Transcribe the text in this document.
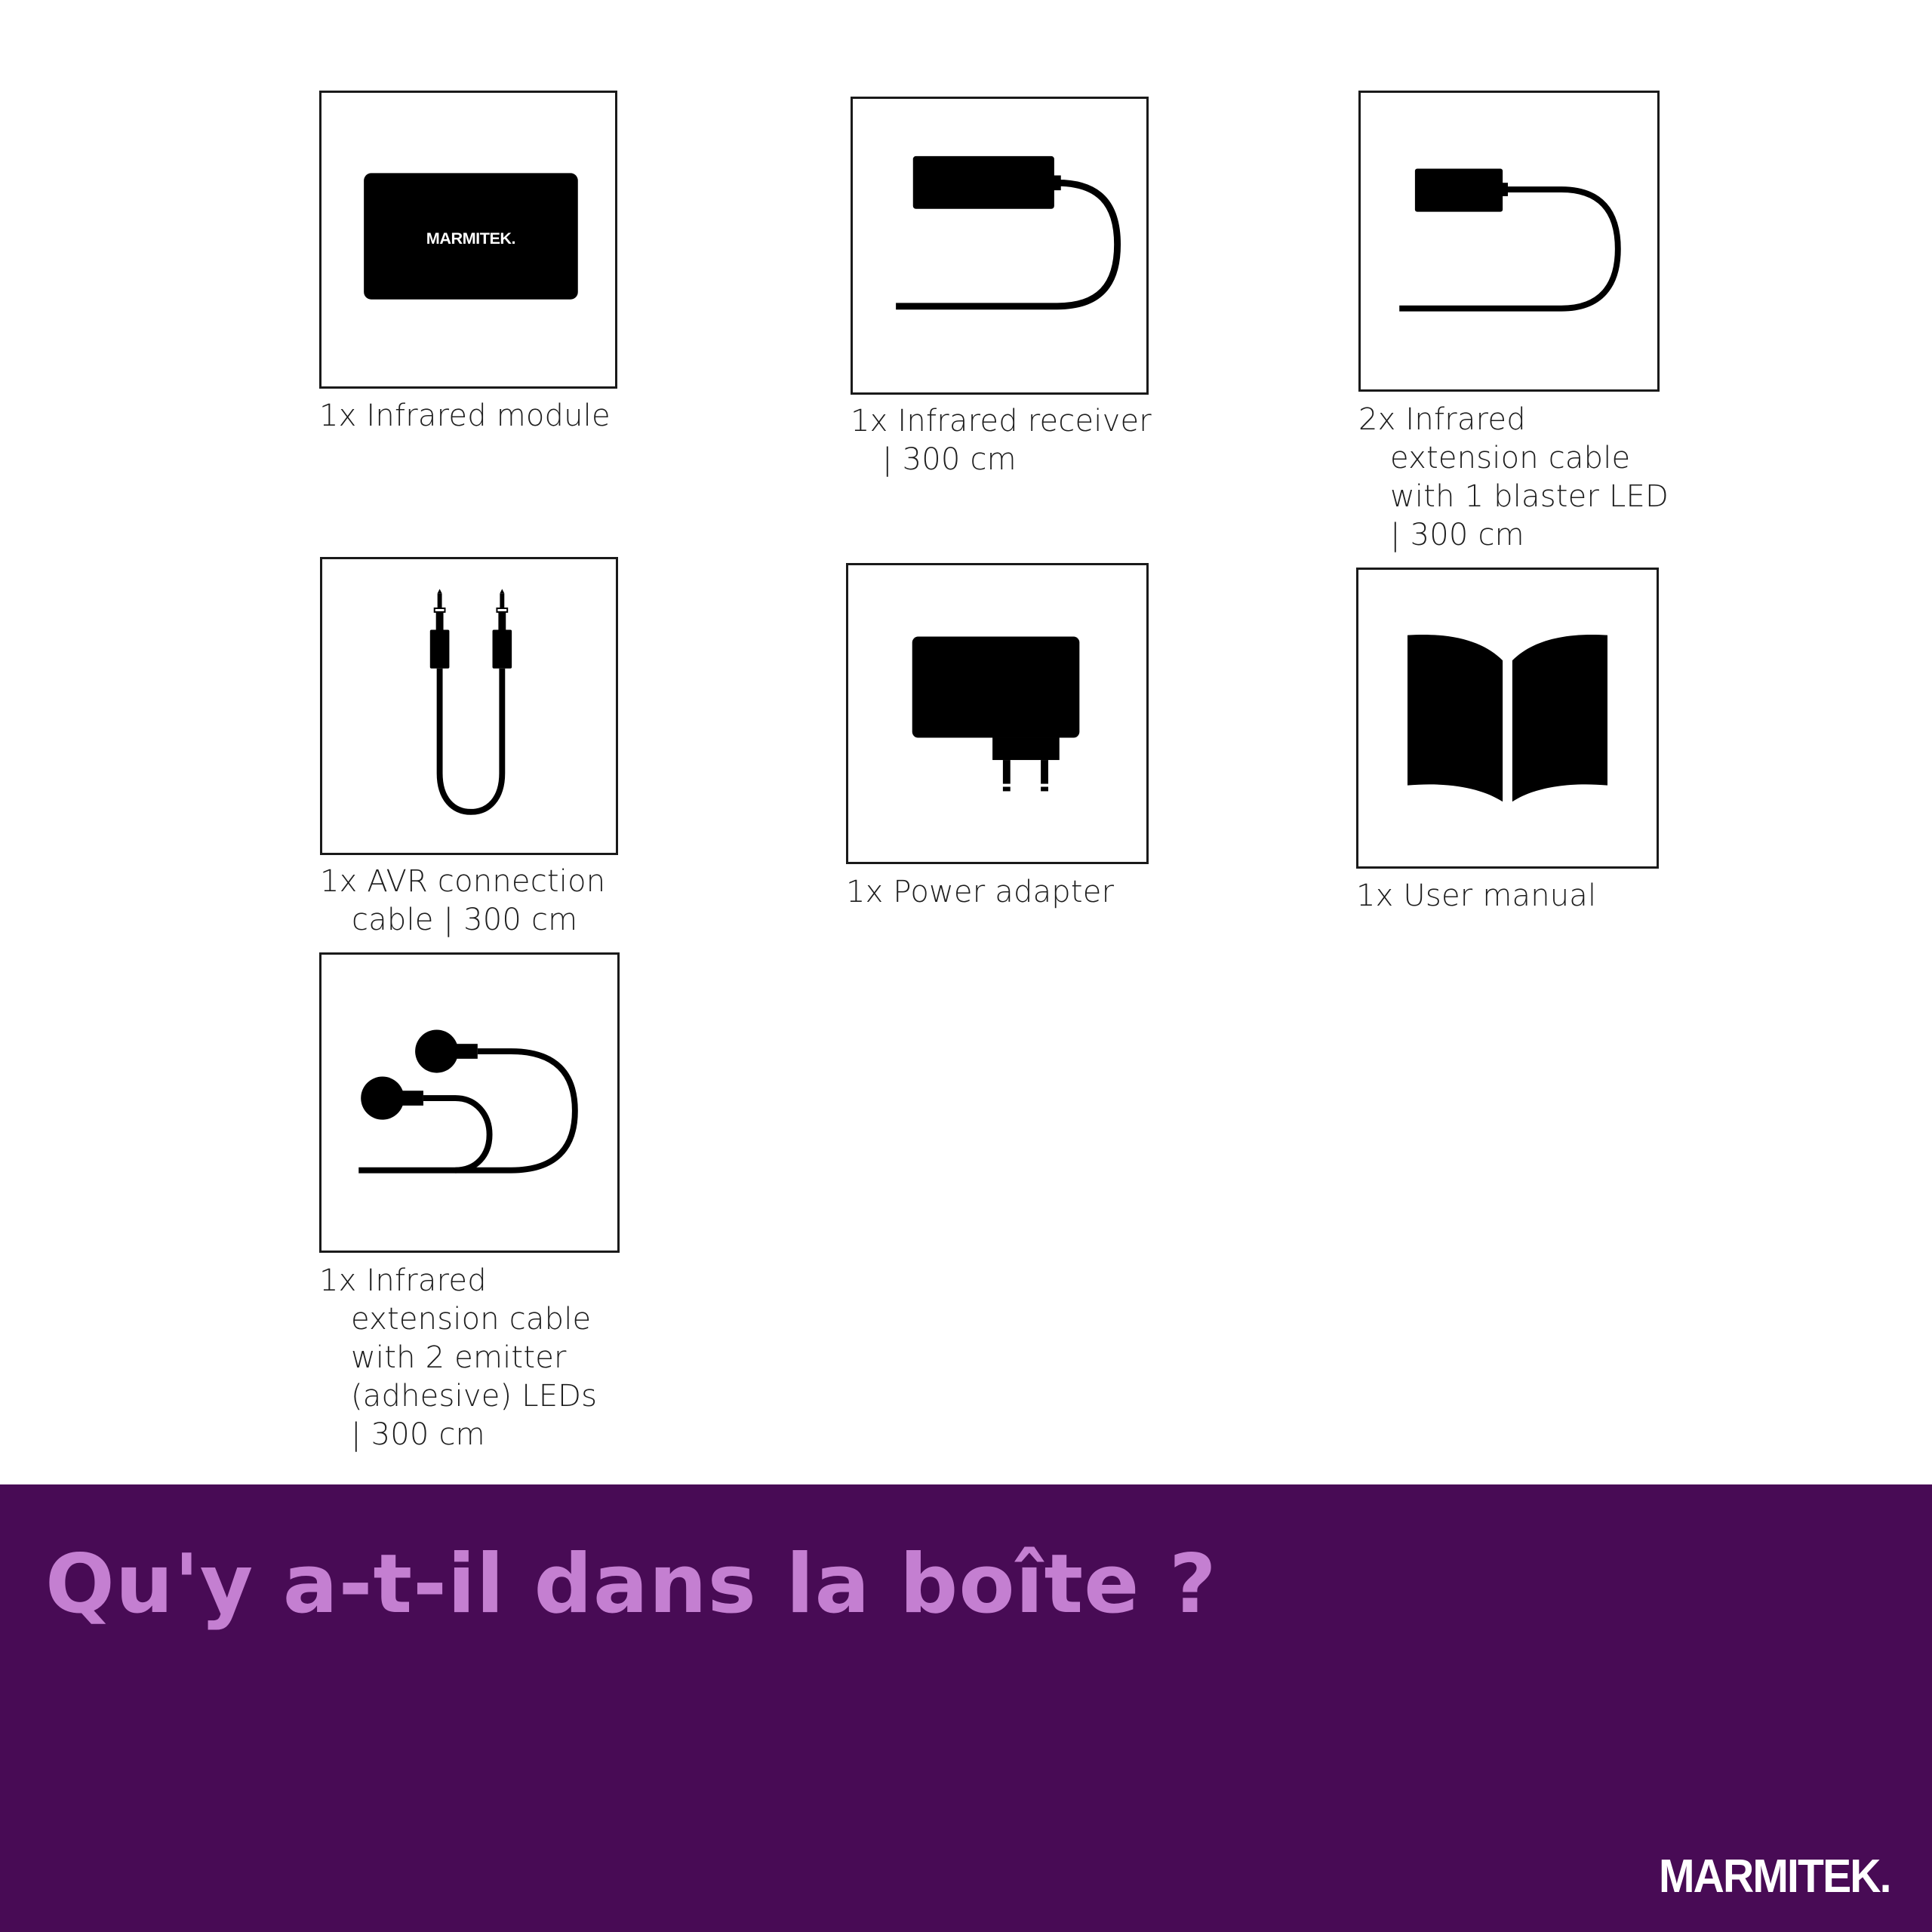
MARMITEK.

1x Infrared module	1x Infrared receiver
| 300 cm

2x Infrared
extension cable
with 1 blaster LED
| 300 cm

1x AVR connection
cable | 300 cm

1x Power adapter	1x User manual

1x Infrared
extension cable
with 2 emitter
(adhesive) LEDs
| 300 cm

Qu'y a-t-il dans la boîte ?
MARMITEK.
